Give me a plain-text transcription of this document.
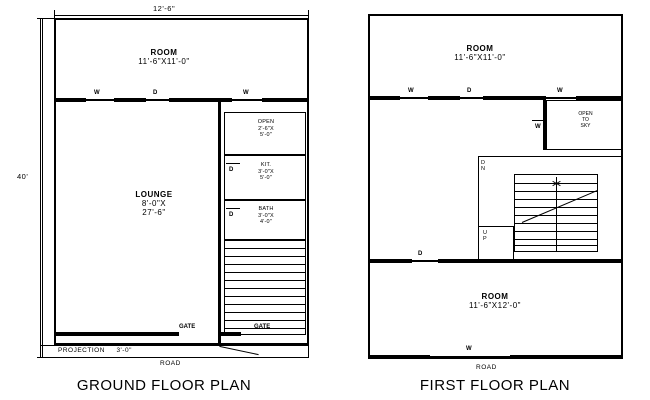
12'-6"
40'
ROOM
11'-6"X11'-0"
W	D	W
OPEN
2'-6"X
5'-0"
KIT.
3'-0"X
5'-0"
D
BATH
3'-0"X
4'-0"
D
LOUNGE
8'-0"X
27'-6"
GATE	GATE
PROJECTION 3'-0"
ROAD
GROUND FLOOR PLAN
ROOM
11'-6"X11'-0"
W	D	W
OPEN
TO
SKY
W
D
N
U
P
D
ROOM
11'-6"X12'-0"
W
ROAD
FIRST FLOOR PLAN
